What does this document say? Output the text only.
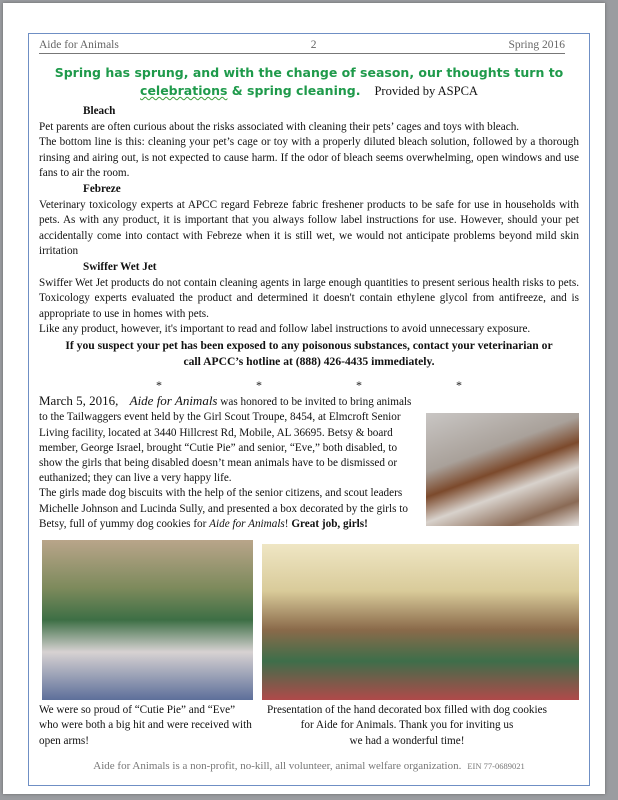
Aide for Animals	2	Spring 2016
Spring has sprung, and with the change of season, our thoughts turn to
celebrations & spring cleaning. Provided by ASPCA
Bleach
Pet parents are often curious about the risks associated with cleaning their pets’ cages and toys with bleach.
The bottom line is this: cleaning your pet’s cage or toy with a properly diluted bleach solution, followed by a thorough rinsing and airing out, is not expected to cause harm. If the odor of bleach seems overwhelming, open windows and use fans to air the room.
Febreze
Veterinary toxicology experts at APCC regard Febreze fabric freshener products to be safe for use in households with pets. As with any product, it is important that you always follow label instructions for use. However, should your pet accidentally come into contact with Febreze when it is still wet, we would not anticipate problems beyond mild skin irritation
Swiffer Wet Jet
Swiffer Wet Jet products do not contain cleaning agents in large enough quantities to present serious health risks to pets. Toxicology experts evaluated the product and determined it doesn't contain ethylene glycol from antifreeze, and is appropriate to use in homes with pets.
Like any product, however, it's important to read and follow label instructions to avoid unnecessary exposure.
If you suspect your pet has been exposed to any poisonous substances, contact your veterinarian or call APCC’s hotline at (888) 426-4435 immediately.
*	*	*	*
March 5, 2016, Aide for Animals was honored to be invited to bring animals to the Tailwaggers event held by the Girl Scout Troupe, 8454, at Elmcroft Senior Living facility, located at 3440 Hillcrest Rd, Mobile, AL 36695. Betsy & board member, George Israel, brought “Cutie Pie” and senior, “Eve,” both disabled, to show the girls that being disabled doesn’t mean animals have to be dismissed or euthanized; they can live a very happy life.
The girls made dog biscuits with the help of the senior citizens, and scout leaders Michelle Johnson and Lucinda Sully, and presented a box decorated by the girls to Betsy, full of yummy dog cookies for Aide for Animals! Great job, girls!
We were so proud of “Cutie Pie” and “Eve” who were both a big hit and were received with open arms!
Presentation of the hand decorated box filled with dog cookies for Aide for Animals. Thank you for inviting us
we had a wonderful time!
Aide for Animals is a non-profit, no-kill, all volunteer, animal welfare organization. EIN 77-0689021
